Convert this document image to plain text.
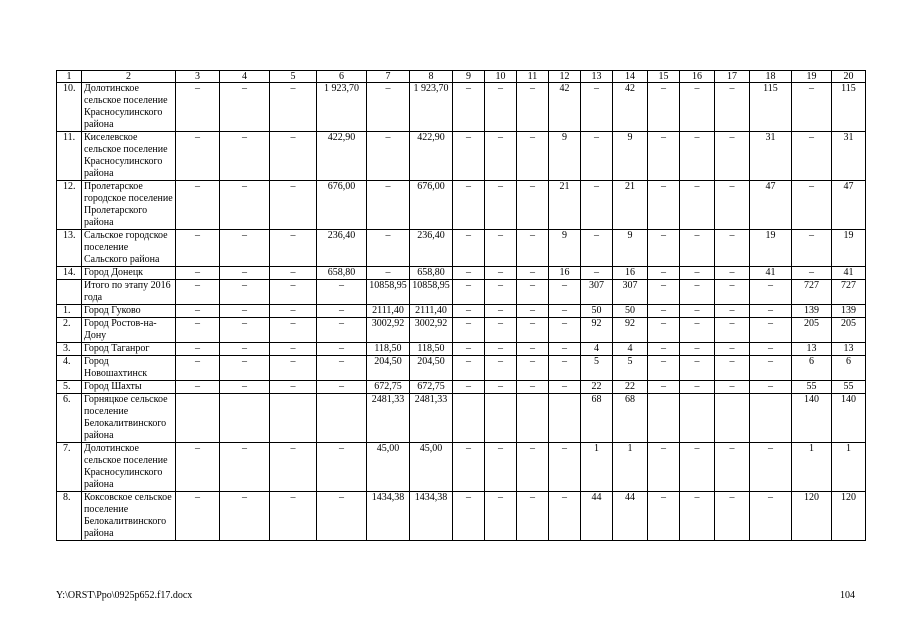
1	2	3	4	5	6	7	8	9	10	11	12	13	14	15	16	17	18	19	20
10.	Долотинское сельское поселение Красносулинского района	–	–	–	1 923,70	–	1 923,70	–	–	–	42	–	42	–	–	–	115	–	115
11.	Киселевское сельское поселение Красносулинского района	–	–	–	422,90	–	422,90	–	–	–	9	–	9	–	–	–	31	–	31
12.	Пролетарское городское поселение Пролетарского района	–	–	–	676,00	–	676,00	–	–	–	21	–	21	–	–	–	47	–	47
13.	Сальское городское поселение Сальского района	–	–	–	236,40	–	236,40	–	–	–	9	–	9	–	–	–	19	–	19
14.	Город Донецк	–	–	–	658,80	–	658,80	–	–	–	16	–	16	–	–	–	41	–	41
	Итого по этапу 2016 года	–	–	–	–	10858,95	10858,95	–	–	–	–	307	307	–	–	–	–	727	727
1.	Город Гуково	–	–	–	–	2111,40	2111,40	–	–	–	–	50	50	–	–	–	–	139	139
2.	Город Ростов-на-Дону	–	–	–	–	3002,92	3002,92	–	–	–	–	92	92	–	–	–	–	205	205
3.	Город Таганрог	–	–	–	–	118,50	118,50	–	–	–	–	4	4	–	–	–	–	13	13
4.	Город Новошахтинск	–	–	–	–	204,50	204,50	–	–	–	–	5	5	–	–	–	–	6	6
5.	Город Шахты	–	–	–	–	672,75	672,75	–	–	–	–	22	22	–	–	–	–	55	55
6.	Горняцкое сельское поселение Белокалитвинского района					2481,33	2481,33					68	68					140	140
7.	Долотинское сельское поселение Красносулинского района	–	–	–	–	45,00	45,00	–	–	–	–	1	1	–	–	–	–	1	1
8.	Коксовское сельское поселение Белокалитвинского района	–	–	–	–	1434,38	1434,38	–	–	–	–	44	44	–	–	–	–	120	120
Y:\ORST\Ppo\0925p652.f17.docx	104
